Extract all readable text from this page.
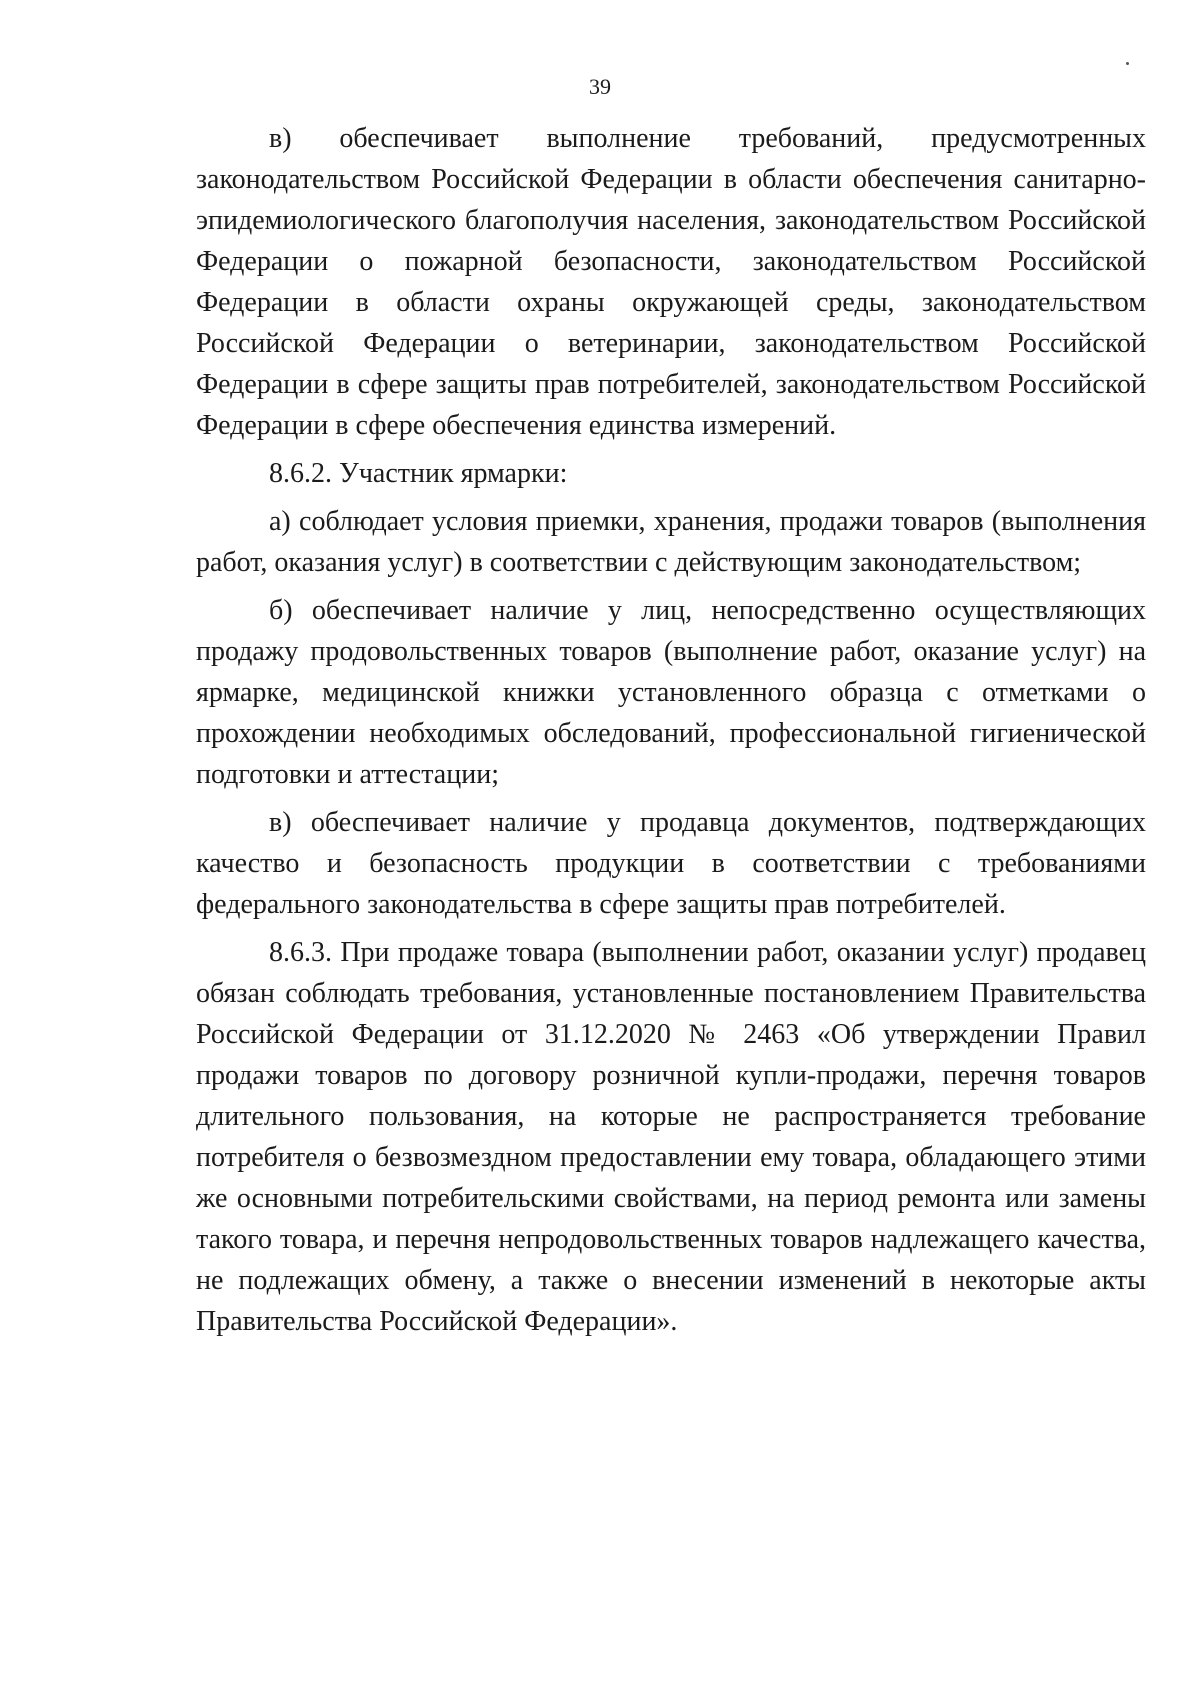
39

в) обеспечивает выполнение требований, предусмотренных законодательством Российской Федерации в области обеспечения санитарно-эпидемиологического благополучия населения, законодательством Российской Федерации о пожарной безопасности, законодательством Российской Федерации в области охраны окружающей среды, законодательством Российской Федерации о ветеринарии, законодательством Российской Федерации в сфере защиты прав потребителей, законодательством Российской Федерации в сфере обеспечения единства измерений.

8.6.2. Участник ярмарки:

а) соблюдает условия приемки, хранения, продажи товаров (выполнения работ, оказания услуг) в соответствии с действующим законодательством;

б) обеспечивает наличие у лиц, непосредственно осуществляющих продажу продовольственных товаров (выполнение работ, оказание услуг) на ярмарке, медицинской книжки установленного образца с отметками о прохождении необходимых обследований, профессиональной гигиенической подготовки и аттестации;

в) обеспечивает наличие у продавца документов, подтверждающих качество и безопасность продукции в соответствии с требованиями федерального законодательства в сфере защиты прав потребителей.

8.6.3. При продаже товара (выполнении работ, оказании услуг) продавец обязан соблюдать требования, установленные постановлением Правительства Российской Федерации от 31.12.2020 № 2463 «Об утверждении Правил продажи товаров по договору розничной купли-продажи, перечня товаров длительного пользования, на которые не распространяется требование потребителя о безвозмездном предоставлении ему товара, обладающего этими же основными потребительскими свойствами, на период ремонта или замены такого товара, и перечня непродовольственных товаров надлежащего качества, не подлежащих обмену, а также о внесении изменений в некоторые акты Правительства Российской Федерации».
